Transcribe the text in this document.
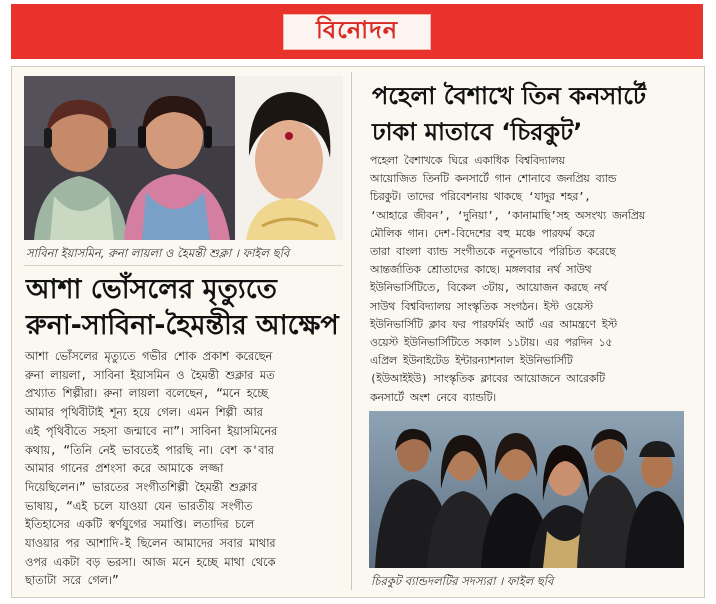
বিনোদন
সাবিনা ইয়াসমিন, রুনা লায়লা ও হৈমন্তী শুক্লা । ফাইল ছবি
আশা ভোঁসলের মৃত্যুতে
রুনা-সাবিনা-হৈমন্তীর আক্ষেপ
আশা ভোঁসলের মৃত্যুতে গভীর শোক প্রকাশ করেছেন
রুনা লায়লা, সাবিনা ইয়াসমিন ও হৈমন্তী শুক্লার মত
প্রখ্যাত শিল্পীরা। রুনা লায়লা বলেছেন, “মনে হচ্ছে
আমার পৃথিবীটাই শূন্য হয়ে গেল। এমন শিল্পী আর
এই পৃথিবীতে সহসা জন্মাবে না”। সাবিনা ইয়াসমিনের
কথায়, “তিনি নেই ভাবতেই পারছি না। বেশ ক'বার
আমার গানের প্রশংসা করে আমাকে লজ্জা
দিয়েছিলেন।” ভারতের সংগীতশিল্পী হৈমন্তী শুক্লার
ভাষায়, “এই চলে যাওয়া যেন ভারতীয় সংগীত
ইতিহাসের একটি স্বর্ণযুগের সমাপ্তি। লতাদির চলে
যাওয়ার পর আশাদি-ই ছিলেন আমাদের সবার মাথার
ওপর একটা বড় ভরসা। আজ মনে হচ্ছে মাথা থেকে
ছাতাটা সরে গেল।”
পহেলা বৈশাখে তিন কনসার্টে
ঢাকা মাতাবে ‘চিরকুট’
পহেলা বৈশাখকে ঘিরে একাধিক বিশ্ববিদ্যালয়
আয়োজিত তিনটি কনসার্টে গান শোনাবে জনপ্রিয় ব্যান্ড
চিরকুট। তাদের পরিবেশনায় থাকছে ‘যাদুর শহর’,
‘আহারে জীবন’, ‘দুনিয়া’, ‘কানামাছি’সহ অসংখ্য জনপ্রিয়
মৌলিক গান। দেশ-বিদেশের বহু মঞ্চে পারফর্ম করে
তারা বাংলা ব্যান্ড সংগীতকে নতুনভাবে পরিচিত করেছে
আন্তর্জাতিক শ্রোতাদের কাছে। মঙ্গলবার নর্থ সাউথ
ইউনিভার্সিটিতে, বিকেল ৩টায়, আয়োজন করছে নর্থ
সাউথ বিশ্ববিদ্যালয় সাংস্কৃতিক সংগঠন। ইস্ট ওয়েস্ট
ইউনিভার্সিটি ক্লাব ফর পারফর্মিং আর্ট এর আমন্ত্রণে ইস্ট
ওয়েস্ট ইউনিভার্সিটিতে সকাল ১১টায়। এর পরদিন ১৫
এপ্রিল ইউনাইটেড ইন্টারন্যাশনাল ইউনিভার্সিটি
(ইউআইইউ) সাংস্কৃতিক ক্লাবের আয়োজনে আরেকটি
কনসার্টে অংশ নেবে ব্যান্ডটি।
চিরকুট ব্যান্ডদলটির সদস্যরা । ফাইল ছবি
